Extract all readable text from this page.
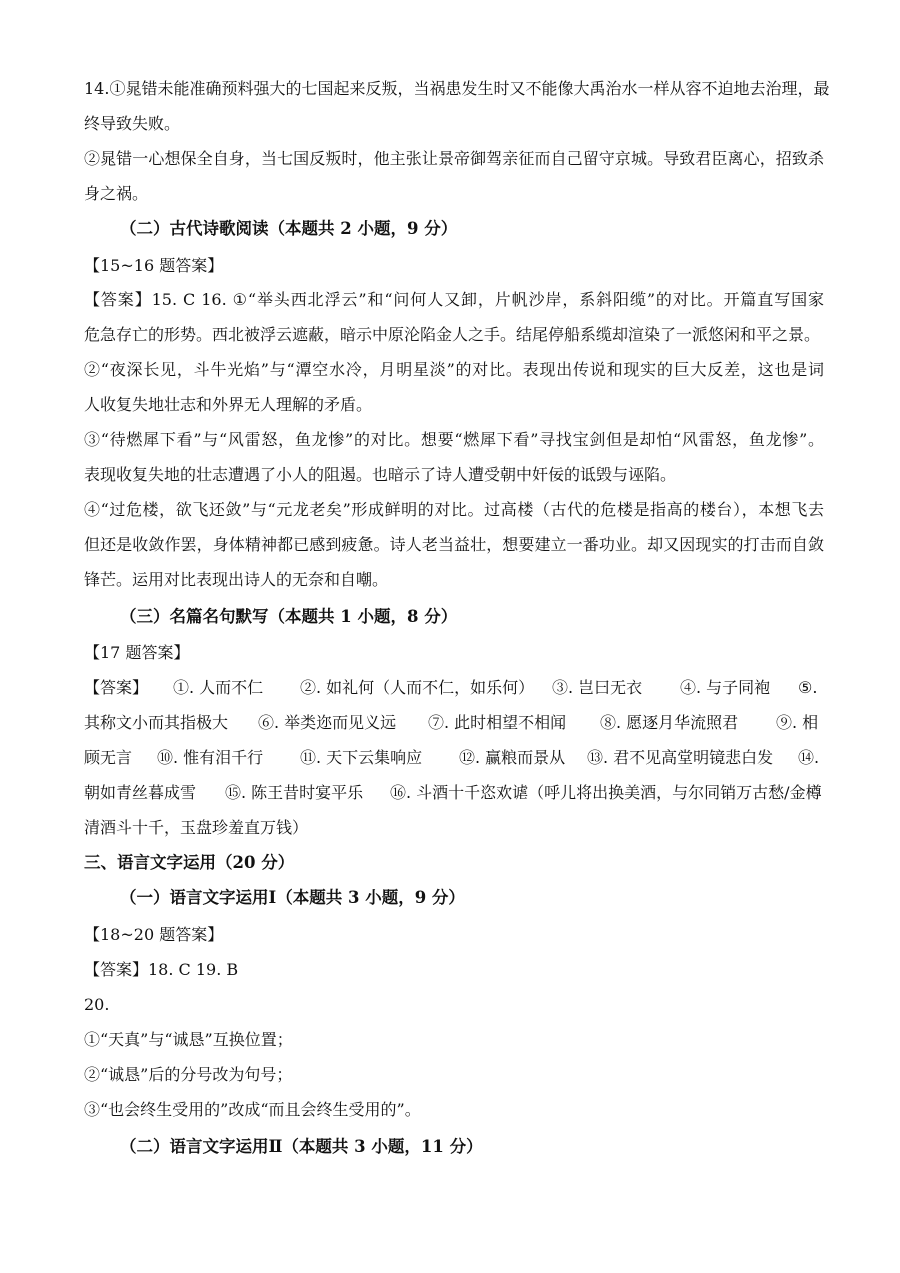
14.①晁错未能准确预料强大的七国起来反叛，当祸患发生时又不能像大禹治水一样从容不迫地去治理，最
终导致失败。
②晁错一心想保全自身，当七国反叛时，他主张让景帝御驾亲征而自己留守京城。导致君臣离心，招致杀
身之祸。
（二）古代诗歌阅读（本题共 2 小题，9 分）
【15~16 题答案】
【答案】15. C 16. ①“举头西北浮云”和“问何人又卸，片帆沙岸，系斜阳缆”的对比。开篇直写国家
危急存亡的形势。西北被浮云遮蔽，暗示中原沦陷金人之手。结尾停船系缆却渲染了一派悠闲和平之景。
②“夜深长见，斗牛光焰”与“潭空水冷，月明星淡”的对比。表现出传说和现实的巨大反差，这也是词
人收复失地壮志和外界无人理解的矛盾。
③“待燃犀下看”与“风雷怒，鱼龙惨”的对比。想要“燃犀下看”寻找宝剑但是却怕“风雷怒，鱼龙惨”。
表现收复失地的壮志遭遇了小人的阻遏。也暗示了诗人遭受朝中奸佞的诋毁与诬陷。
④“过危楼，欲飞还敛”与“元龙老矣”形成鲜明的对比。过高楼（古代的危楼是指高的楼台），本想飞去
但还是收敛作罢，身体精神都已感到疲惫。诗人老当益壮，想要建立一番功业。却又因现实的打击而自敛
锋芒。运用对比表现出诗人的无奈和自嘲。
（三）名篇名句默写（本题共 1 小题，8 分）
【17 题答案】
【答案】 ①. 人而不仁 ②. 如礼何（人而不仁，如乐何） ③. 岂曰无衣 ④. 与子同袍 ⑤.
其称文小而其指极大 ⑥. 举类迩而见义远 ⑦. 此时相望不相闻 ⑧. 愿逐月华流照君 ⑨. 相
顾无言 ⑩. 惟有泪千行 ⑪. 天下云集响应 ⑫. 赢粮而景从 ⑬. 君不见高堂明镜悲白发 ⑭.
朝如青丝暮成雪 ⑮. 陈王昔时宴平乐 ⑯. 斗酒十千恣欢谑（呼儿将出换美酒，与尔同销万古愁/金樽
清酒斗十千，玉盘珍羞直万钱）
三、语言文字运用（20 分）
（一）语言文字运用Ⅰ（本题共 3 小题，9 分）
【18~20 题答案】
【答案】18. C 19. B
20.
①“天真”与“诚恳”互换位置；
②“诚恳”后的分号改为句号；
③“也会终生受用的”改成“而且会终生受用的”。
（二）语言文字运用Ⅱ（本题共 3 小题，11 分）
